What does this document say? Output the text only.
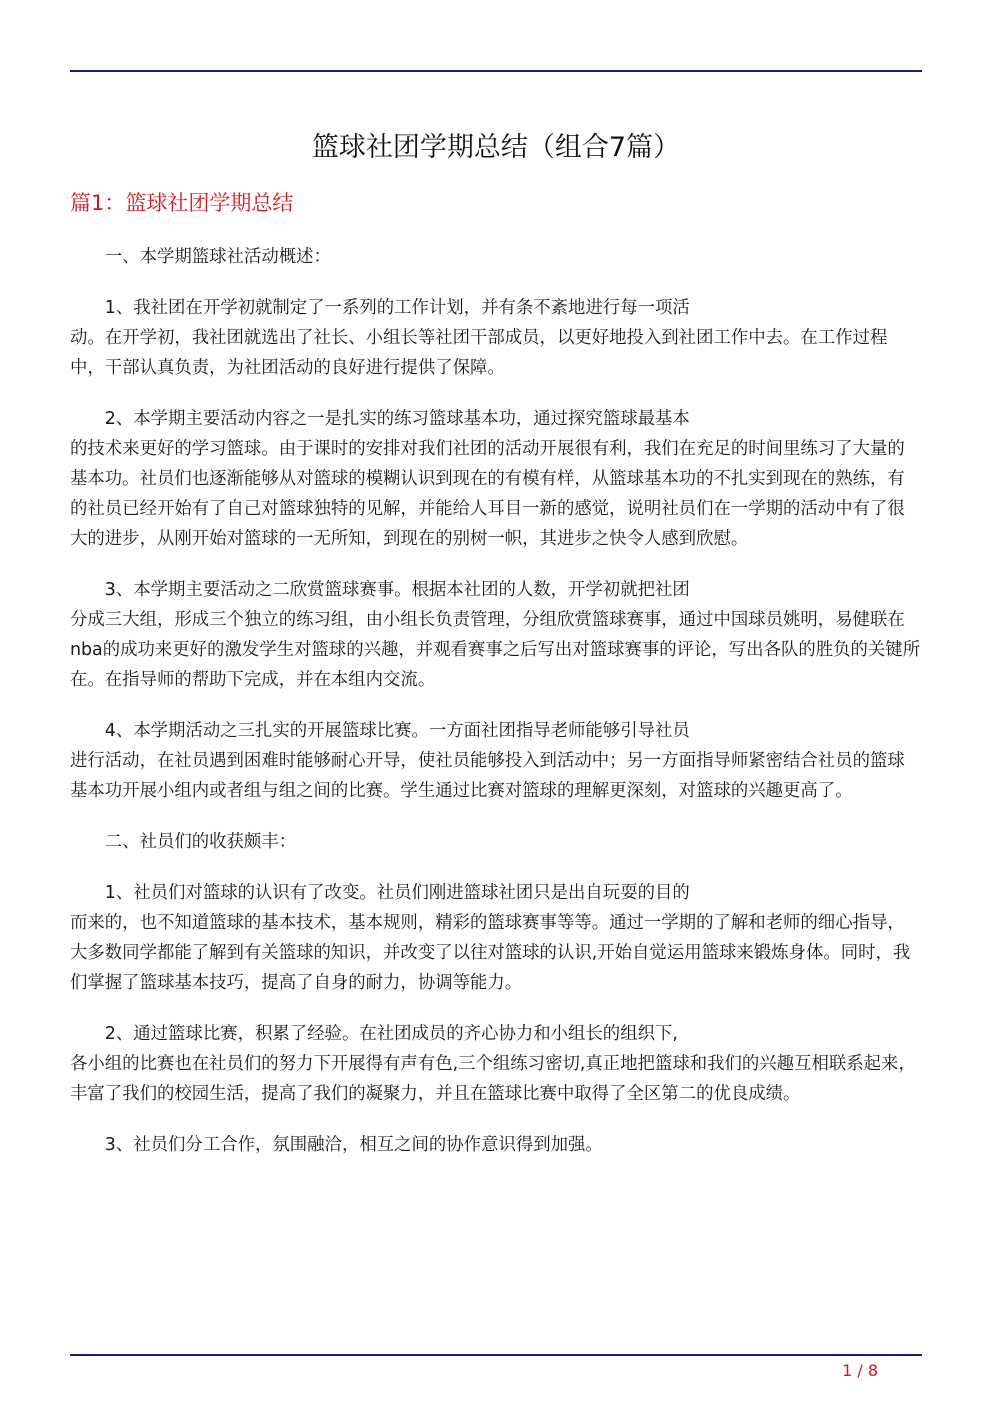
篮球社团学期总结（组合7篇）
篇1：篮球社团学期总结

一、本学期篮球社活动概述：

1、我社团在开学初就制定了一系列的工作计划，并有条不紊地进行每一项活
动。在开学初，我社团就选出了社长、小组长等社团干部成员，以更好地投入到社团工作中去。在工作过程中，干部认真负责，为社团活动的良好进行提供了保障。

2、本学期主要活动内容之一是扎实的练习篮球基本功，通过探究篮球最基本
的技术来更好的学习篮球。由于课时的安排对我们社团的活动开展很有利，我们在充足的时间里练习了大量的基本功。社员们也逐渐能够从对篮球的模糊认识到现在的有模有样，从篮球基本功的不扎实到现在的熟练，有的社员已经开始有了自己对篮球独特的见解，并能给人耳目一新的感觉，说明社员们在一学期的活动中有了很大的进步，从刚开始对篮球的一无所知，到现在的别树一帜，其进步之快令人感到欣慰。

3、本学期主要活动之二欣赏篮球赛事。根据本社团的人数，开学初就把社团
分成三大组，形成三个独立的练习组，由小组长负责管理，分组欣赏篮球赛事，通过中国球员姚明，易健联在nba的成功来更好的激发学生对篮球的兴趣，并观看赛事之后写出对篮球赛事的评论，写出各队的胜负的关键所在。在指导师的帮助下完成，并在本组内交流。

4、本学期活动之三扎实的开展篮球比赛。一方面社团指导老师能够引导社员
进行活动，在社员遇到困难时能够耐心开导，使社员能够投入到活动中；另一方面指导师紧密结合社员的篮球基本功开展小组内或者组与组之间的比赛。学生通过比赛对篮球的理解更深刻，对篮球的兴趣更高了。

二、社员们的收获颇丰：

1、社员们对篮球的认识有了改变。社员们刚进篮球社团只是出自玩耍的目的
而来的，也不知道篮球的基本技术，基本规则，精彩的篮球赛事等等。通过一学期的了解和老师的细心指导，大多数同学都能了解到有关篮球的知识，并改变了以往对篮球的认识,开始自觉运用篮球来锻炼身体。同时，我们掌握了篮球基本技巧，提高了自身的耐力，协调等能力。

2、通过篮球比赛，积累了经验。在社团成员的齐心协力和小组长的组织下,
各小组的比赛也在社员们的努力下开展得有声有色,三个组练习密切,真正地把篮球和我们的兴趣互相联系起来，丰富了我们的校园生活，提高了我们的凝聚力，并且在篮球比赛中取得了全区第二的优良成绩。

3、社员们分工合作，氛围融洽，相互之间的协作意识得到加强。

1 / 8
